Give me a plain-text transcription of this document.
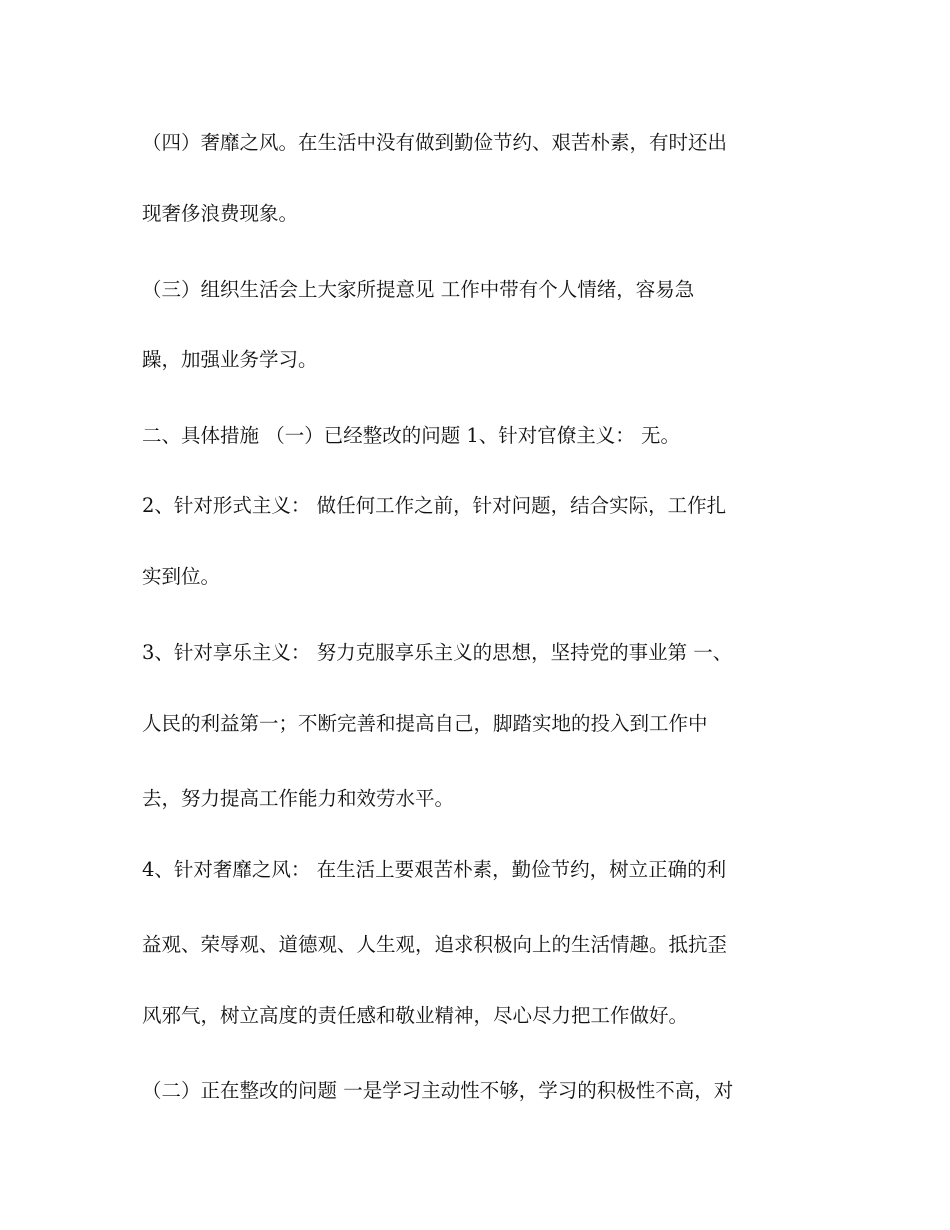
（四）奢靡之风。在生活中没有做到勤俭节约、艰苦朴素，有时还出

现奢侈浪费现象。

（三）组织生活会上大家所提意见 工作中带有个人情绪，容易急

躁，加强业务学习。

二、具体措施 （一）已经整改的问题 1、针对官僚主义： 无。

2、针对形式主义： 做任何工作之前，针对问题，结合实际，工作扎

实到位。

3、针对享乐主义： 努力克服享乐主义的思想，坚持党的事业第 一、

人民的利益第一；不断完善和提高自己，脚踏实地的投入到工作中

去，努力提高工作能力和效劳水平。

4、针对奢靡之风： 在生活上要艰苦朴素，勤俭节约，树立正确的利

益观、荣辱观、道德观、人生观，追求积极向上的生活情趣。抵抗歪

风邪气，树立高度的责任感和敬业精神，尽心尽力把工作做好。

（二）正在整改的问题 一是学习主动性不够，学习的积极性不高，对
